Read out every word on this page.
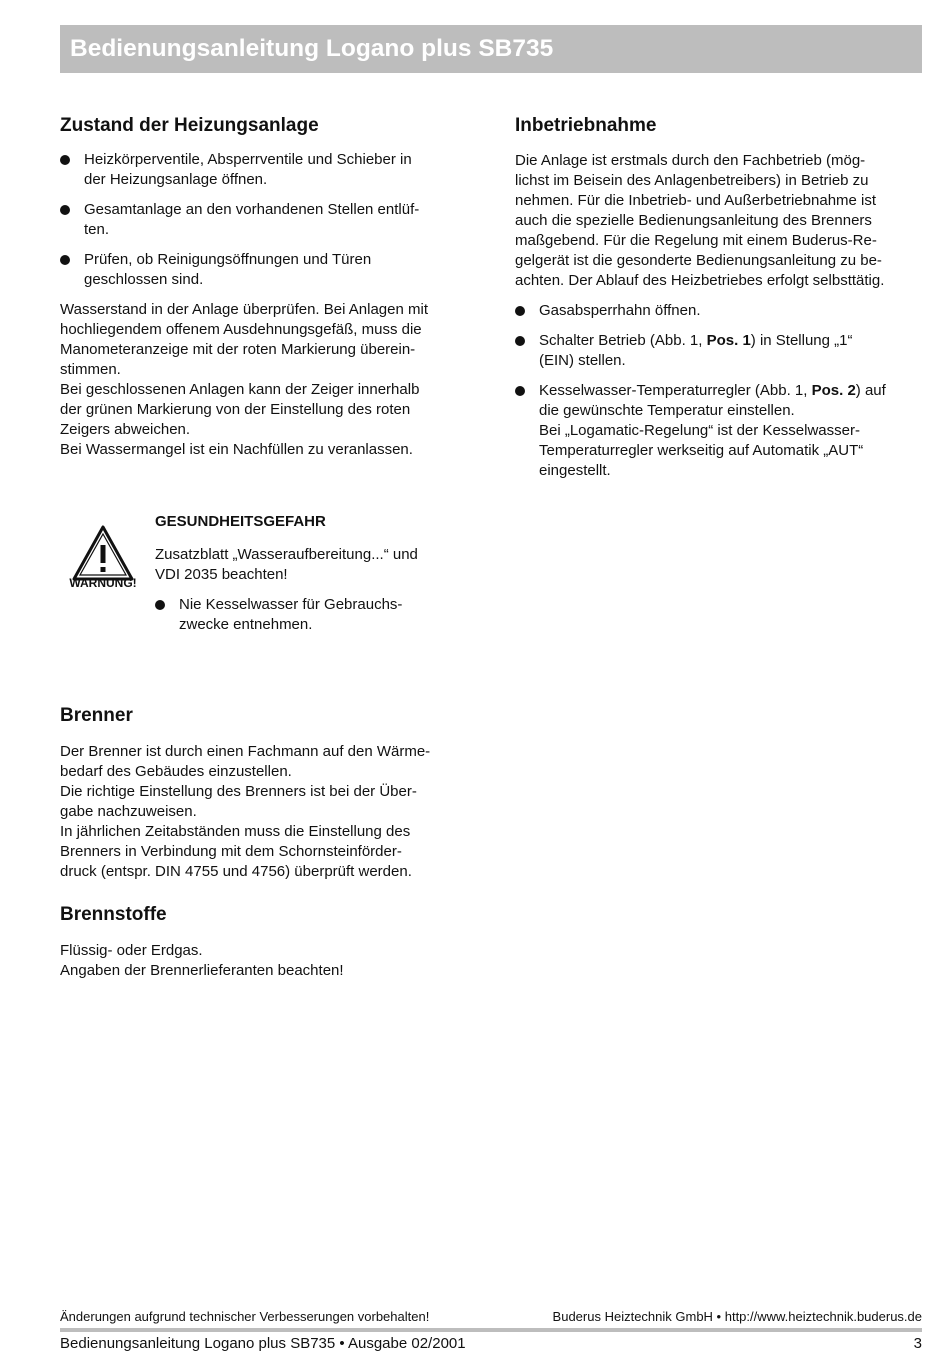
Bedienungsanleitung Logano plus SB735
Zustand der Heizungsanlage
Heizkörperventile, Absperrventile und Schieber in
der Heizungsanlage öffnen.
Gesamtanlage an den vorhandenen Stellen entlüf-
ten.
Prüfen, ob Reinigungsöffnungen und Türen
geschlossen sind.

Wasserstand in der Anlage überprüfen. Bei Anlagen mit
hochliegendem offenem Ausdehnungsgefäß, muss die
Manometeranzeige mit der roten Markierung überein-
stimmen.
Bei geschlossenen Anlagen kann der Zeiger innerhalb
der grünen Markierung von der Einstellung des roten
Zeigers abweichen.
Bei Wassermangel ist ein Nachfüllen zu veranlassen.

WARNUNG!
GESUNDHEITSGEFAHR

Zusatzblatt „Wasseraufbereitung...“ und
VDI 2035 beachten!

Nie Kesselwasser für Gebrauchs-
zwecke entnehmen.
Brenner

Der Brenner ist durch einen Fachmann auf den Wärme-
bedarf des Gebäudes einzustellen.
Die richtige Einstellung des Brenners ist bei der Über-
gabe nachzuweisen.
In jährlichen Zeitabständen muss die Einstellung des
Brenners in Verbindung mit dem Schornsteinförder-
druck (entspr. DIN 4755 und 4756) überprüft werden.

Brennstoffe

Flüssig- oder Erdgas.
Angaben der Brennerlieferanten beachten!

Inbetriebnahme

Die Anlage ist erstmals durch den Fachbetrieb (mög-
lichst im Beisein des Anlagenbetreibers) in Betrieb zu
nehmen. Für die Inbetrieb- und Außerbetriebnahme ist
auch die spezielle Bedienungsanleitung des Brenners
maßgebend. Für die Regelung mit einem Buderus-Re-
gelgerät ist die gesonderte Bedienungsanleitung zu be-
achten. Der Ablauf des Heizbetriebes erfolgt selbsttätig.

Gasabsperrhahn öffnen.
Schalter Betrieb (Abb. 1, Pos. 1) in Stellung „1“
(EIN) stellen.
Kesselwasser-Temperaturregler (Abb. 1, Pos. 2) auf
die gewünschte Temperatur einstellen.
Bei „Logamatic-Regelung“ ist der Kesselwasser-
Temperaturregler werkseitig auf Automatik „AUT“
eingestellt.
Änderungen aufgrund technischer Verbesserungen vorbehalten!	Buderus Heiztechnik GmbH • http://www.heiztechnik.buderus.de
Bedienungsanleitung Logano plus SB735 • Ausgabe 02/2001	3
